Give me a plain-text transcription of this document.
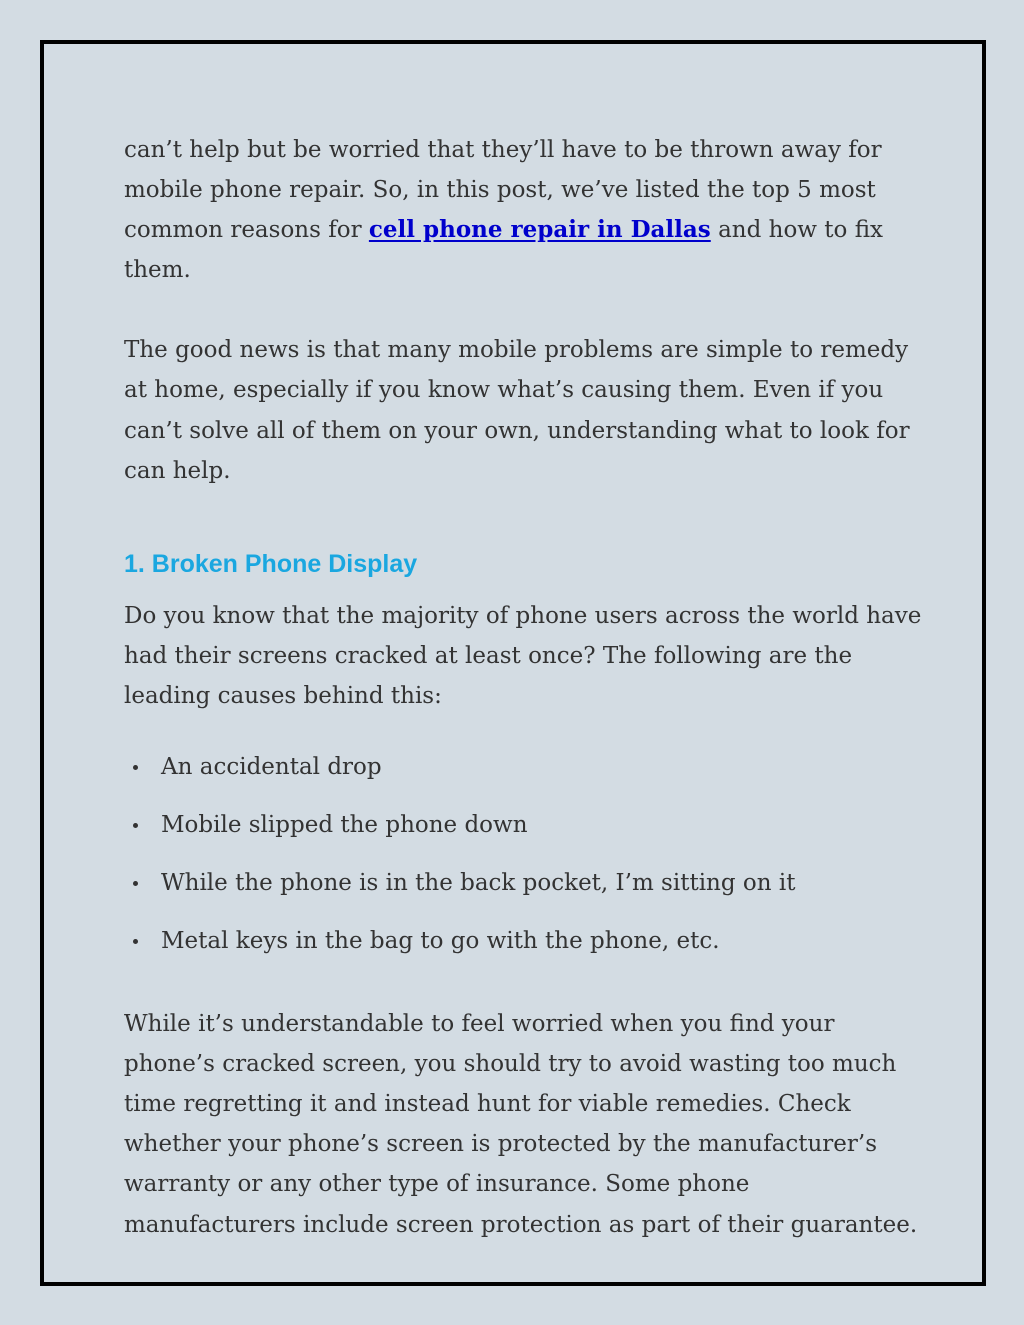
can’t help but be worried that they’ll have to be thrown away for mobile phone repair. So, in this post, we’ve listed the top 5 most common reasons for cell phone repair in Dallas and how to fix them.

The good news is that many mobile problems are simple to remedy at home, especially if you know what’s causing them. Even if you can’t solve all of them on your own, understanding what to look for can help.

1. Broken Phone Display

Do you know that the majority of phone users across the world have had their screens cracked at least once? The following are the leading causes behind this:

An accidental drop
Mobile slipped the phone down
While the phone is in the back pocket, I’m sitting on it
Metal keys in the bag to go with the phone, etc.

While it’s understandable to feel worried when you find your phone’s cracked screen, you should try to avoid wasting too much time regretting it and instead hunt for viable remedies. Check whether your phone’s screen is protected by the manufacturer’s warranty or any other type of insurance. Some phone manufacturers include screen protection as part of their guarantee.
